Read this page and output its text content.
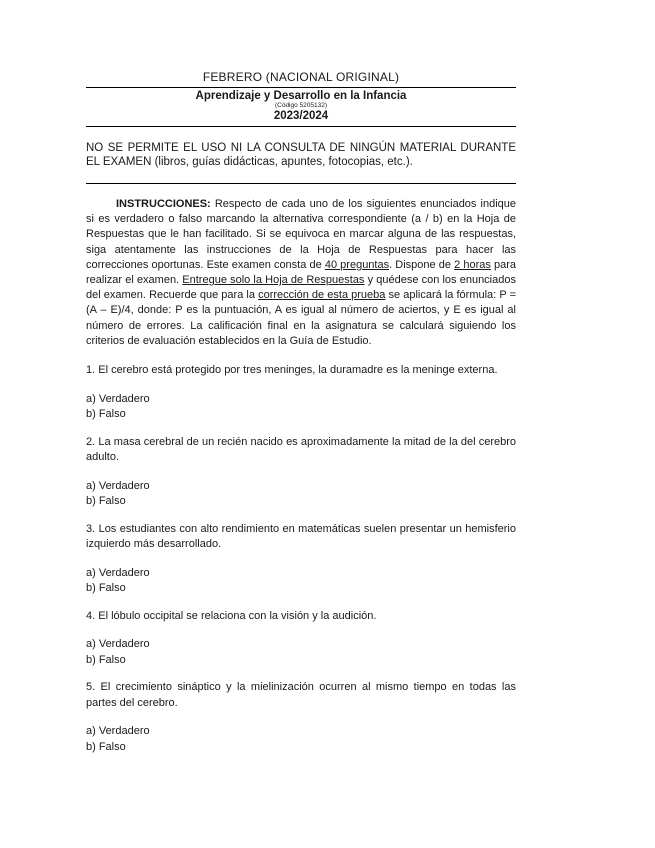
FEBRERO (NACIONAL ORIGINAL)
Aprendizaje y Desarrollo en la Infancia
(Código 5205132)
2023/2024

NO SE PERMITE EL USO NI LA CONSULTA DE NINGÚN MATERIAL DURANTE EL EXAMEN (libros, guías didácticas, apuntes, fotocopias, etc.).

INSTRUCCIONES: Respecto de cada uno de los siguientes enunciados indique si es verdadero o falso marcando la alternativa correspondiente (a / b) en la Hoja de Respuestas que le han facilitado. Si se equivoca en marcar alguna de las respuestas, siga atentamente las instrucciones de la Hoja de Respuestas para hacer las correcciones oportunas. Este examen consta de 40 preguntas. Dispone de 2 horas para realizar el examen. Entregue solo la Hoja de Respuestas y quédese con los enunciados del examen. Recuerde que para la corrección de esta prueba se aplicará la fórmula: P = (A – E)/4, donde: P es la puntuación, A es igual al número de aciertos, y E es igual al número de errores. La calificación final en la asignatura se calculará siguiendo los criterios de evaluación establecidos en la Guía de Estudio.

1. El cerebro está protegido por tres meninges, la duramadre es la meninge externa.

a) Verdadero

b) Falso

2. La masa cerebral de un recién nacido es aproximadamente la mitad de la del cerebro adulto.

a) Verdadero

b) Falso

3. Los estudiantes con alto rendimiento en matemáticas suelen presentar un hemisferio izquierdo más desarrollado.

a) Verdadero

b) Falso

4. El lóbulo occipital se relaciona con la visión y la audición.

a) Verdadero

b) Falso

5. El crecimiento sináptico y la mielinización ocurren al mismo tiempo en todas las partes del cerebro.

a) Verdadero

b) Falso
